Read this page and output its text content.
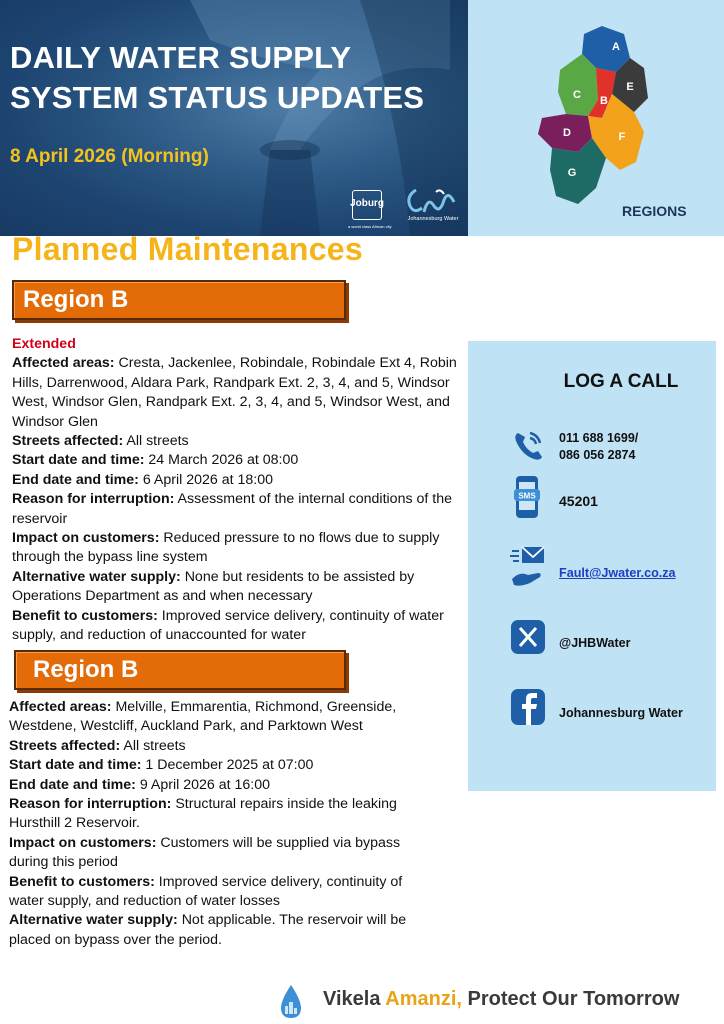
DAILY WATER SUPPLY
SYSTEM STATUS UPDATES
8 April 2026 (Morning)
Joburg
a world class African city
Johannesburg Water
A
B
C
D
E
F
G
REGIONS
Planned Maintenances
Region B
Extended
Affected areas: Cresta, Jackenlee, Robindale, Robindale Ext 4, Robin Hills, Darrenwood, Aldara Park, Randpark Ext. 2, 3, 4, and 5, Windsor West, Windsor Glen, Randpark Ext. 2, 3, 4, and 5, Windsor West, and Windsor Glen
Streets affected: All streets
Start date and time: 24 March 2026 at 08:00
End date and time: 6 April 2026 at 18:00
Reason for interruption: Assessment of the internal conditions of the reservoir
Impact on customers: Reduced pressure to no flows due to supply through the bypass line system
Alternative water supply: None but residents to be assisted by Operations Department as and when necessary
Benefit to customers: Improved service delivery, continuity of water supply, and reduction of unaccounted for water
Region B
Affected areas: Melville, Emmarentia, Richmond, Greenside, Westdene, Westcliff, Auckland Park, and Parktown West
Streets affected: All streets
Start date and time: 1 December 2025 at 07:00
End date and time: 9 April 2026 at 16:00
Reason for interruption: Structural repairs inside the leaking Hursthill 2 Reservoir.
Impact on customers: Customers will be supplied via bypass during this period
Benefit to customers: Improved service delivery, continuity of water supply, and reduction of water losses
Alternative water supply: Not applicable. The reservoir will be placed on bypass over the period.
LOG A CALL
011 688 1699/
086 056 2874
SMS 45201
Fault@Jwater.co.za
@JHBWater
Johannesburg Water
Vikela Amanzi, Protect Our Tomorrow
